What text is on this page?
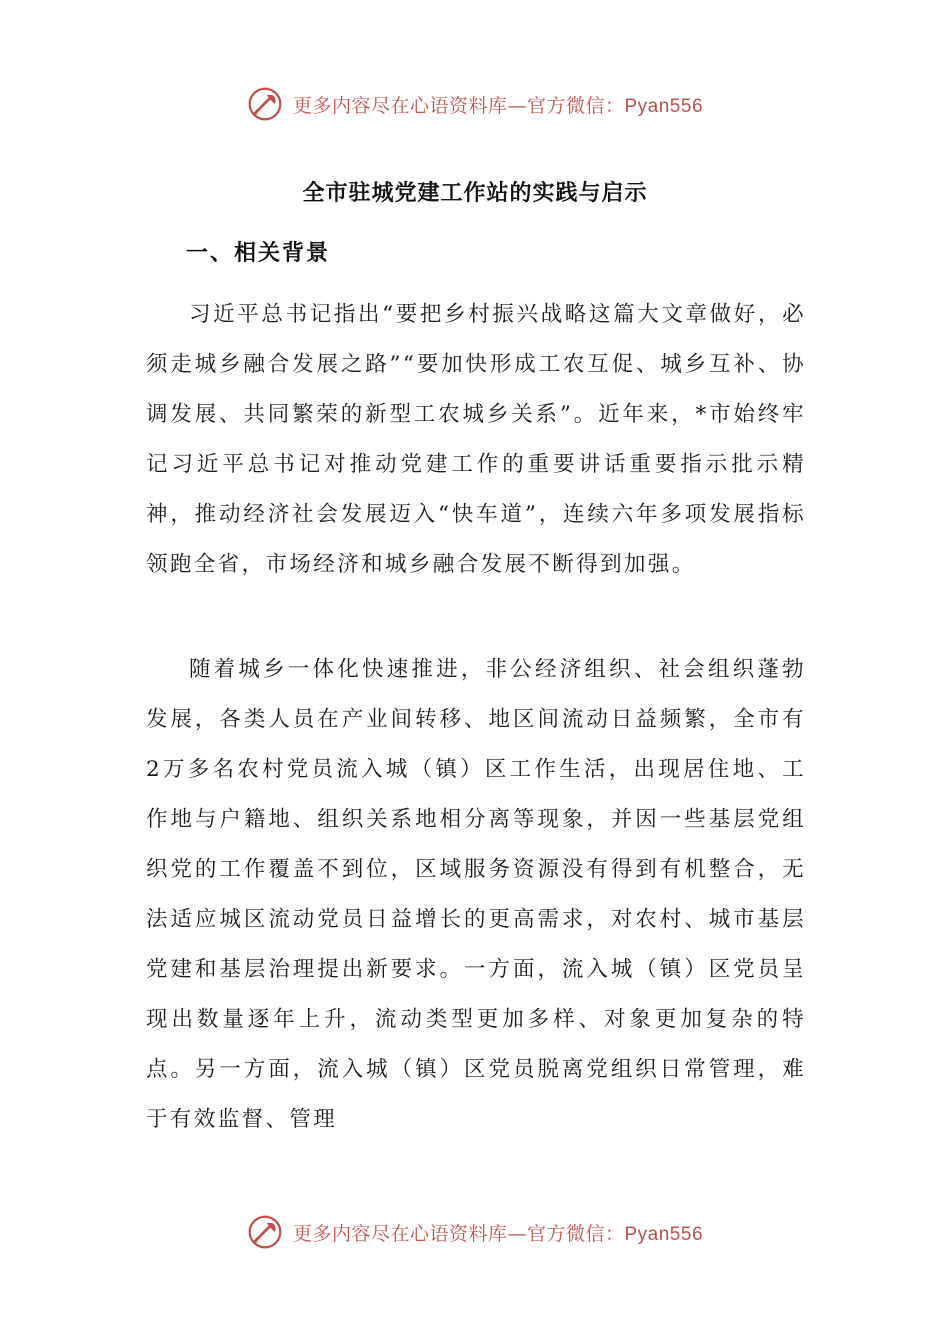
更多内容尽在心语资料库—官方微信：Pyan556
全市驻城党建工作站的实践与启示
一、相关背景

习近平总书记指出“要把乡村振兴战略这篇大文章做好，必须走城乡融合发展之路”“要加快形成工农互促、城乡互补、协调发展、共同繁荣的新型工农城乡关系”。近年来，*市始终牢记习近平总书记对推动党建工作的重要讲话重要指示批示精神，推动经济社会发展迈入“快车道”，连续六年多项发展指标领跑全省，市场经济和城乡融合发展不断得到加强。

随着城乡一体化快速推进，非公经济组织、社会组织蓬勃发展，各类人员在产业间转移、地区间流动日益频繁，全市有2万多名农村党员流入城（镇）区工作生活，出现居住地、工作地与户籍地、组织关系地相分离等现象，并因一些基层党组织党的工作覆盖不到位，区域服务资源没有得到有机整合，无法适应城区流动党员日益增长的更高需求，对农村、城市基层党建和基层治理提出新要求。一方面，流入城（镇）区党员呈现出数量逐年上升，流动类型更加多样、对象更加复杂的特点。另一方面，流入城（镇）区党员脱离党组织日常管理，难于有效监督、管理

更多内容尽在心语资料库—官方微信：Pyan556
